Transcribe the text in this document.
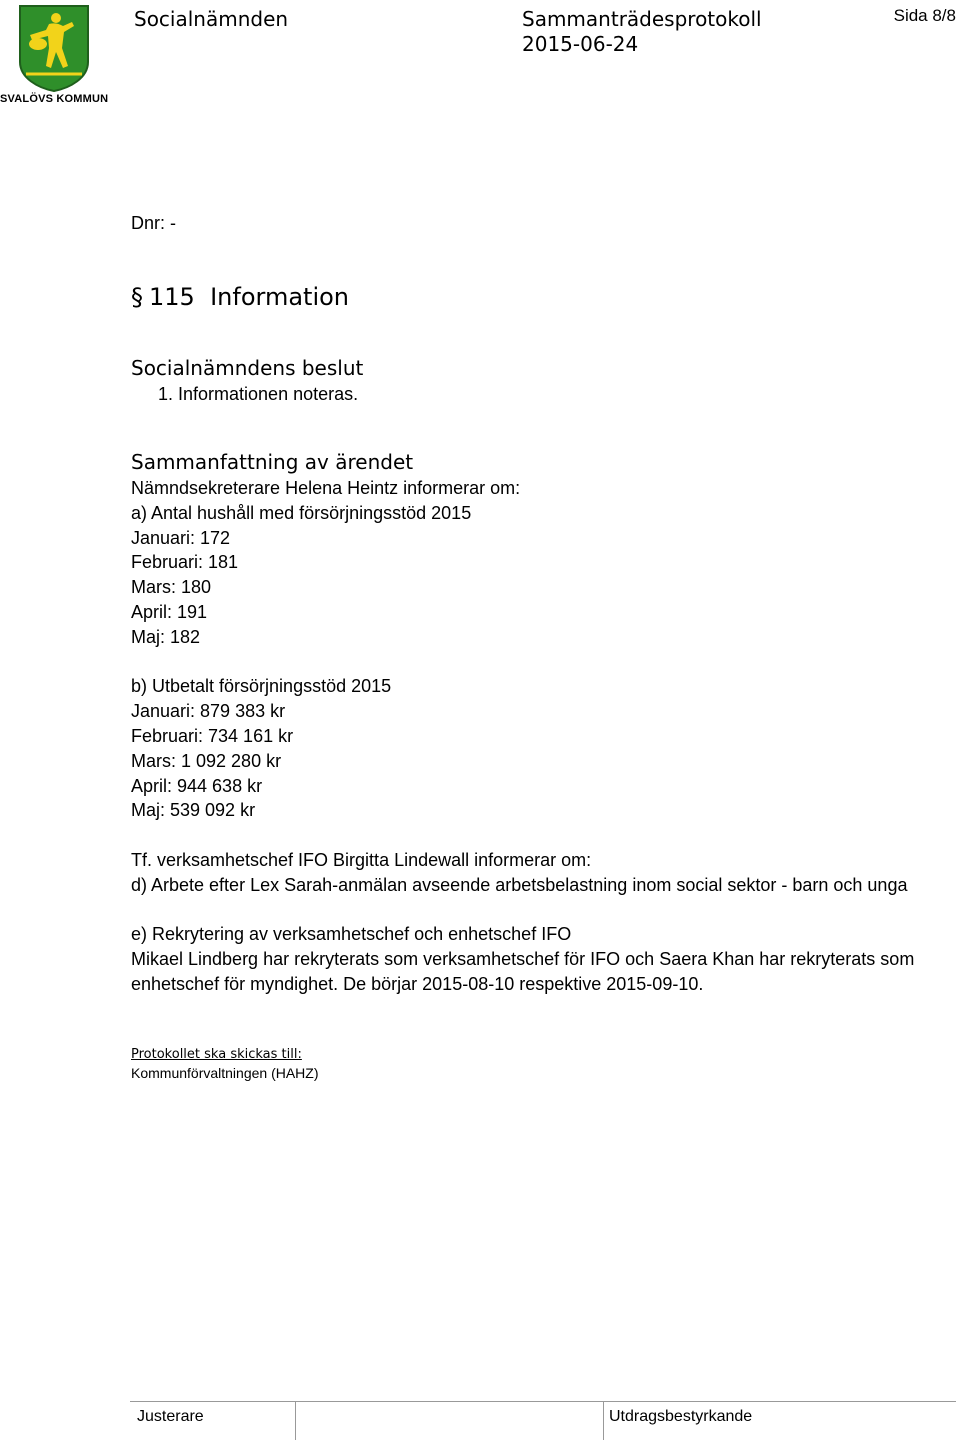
SVALÖVS KOMMUN
Socialnämnden	Sammanträdesprotokoll
2015-06-24
Sida 8/8
Dnr: -
§ 115 Information
Socialnämndens beslut
1. Informationen noteras.
Sammanfattning av ärendet
Nämndsekreterare Helena Heintz informerar om:
a) Antal hushåll med försörjningsstöd 2015
Januari: 172
Februari: 181
Mars: 180
April: 191
Maj: 182
b) Utbetalt försörjningsstöd 2015
Januari: 879 383 kr
Februari: 734 161 kr
Mars: 1 092 280 kr
April: 944 638 kr
Maj: 539 092 kr
Tf. verksamhetschef IFO Birgitta Lindewall informerar om:
d) Arbete efter Lex Sarah-anmälan avseende arbetsbelastning inom social sektor - barn och unga
e) Rekrytering av verksamhetschef och enhetschef IFO
Mikael Lindberg har rekryterats som verksamhetschef för IFO och Saera Khan har rekryterats som enhetschef för myndighet. De börjar 2015-08-10 respektive 2015-09-10.
Protokollet ska skickas till:
Kommunförvaltningen (HAHZ)
Justerare	Utdragsbestyrkande
